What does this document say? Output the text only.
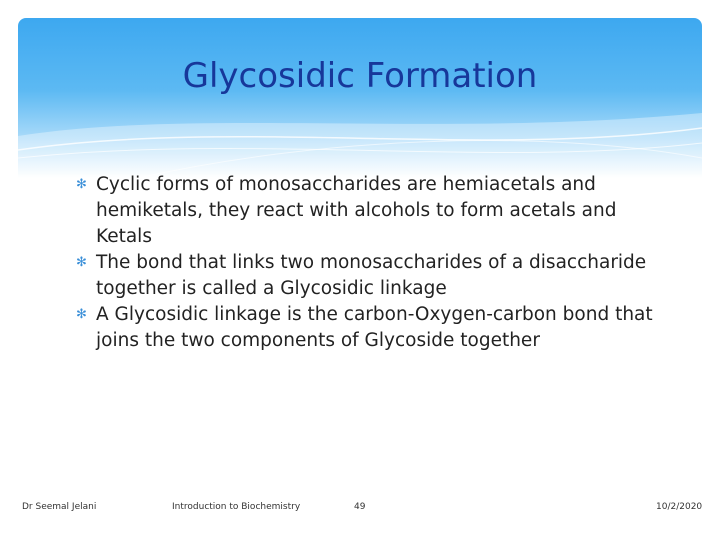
Glycosidic Formation
✻ Cyclic forms of monosaccharides are hemiacetals and hemiketals, they react with alcohols to form acetals and Ketals
✻ The bond that links two monosaccharides of a disaccharide together is called a Glycosidic linkage
✻ A Glycosidic linkage is the carbon-Oxygen-carbon bond that joins the two components of Glycoside together
Dr Seemal Jelani	Introduction to Biochemistry	49	10/2/2020
